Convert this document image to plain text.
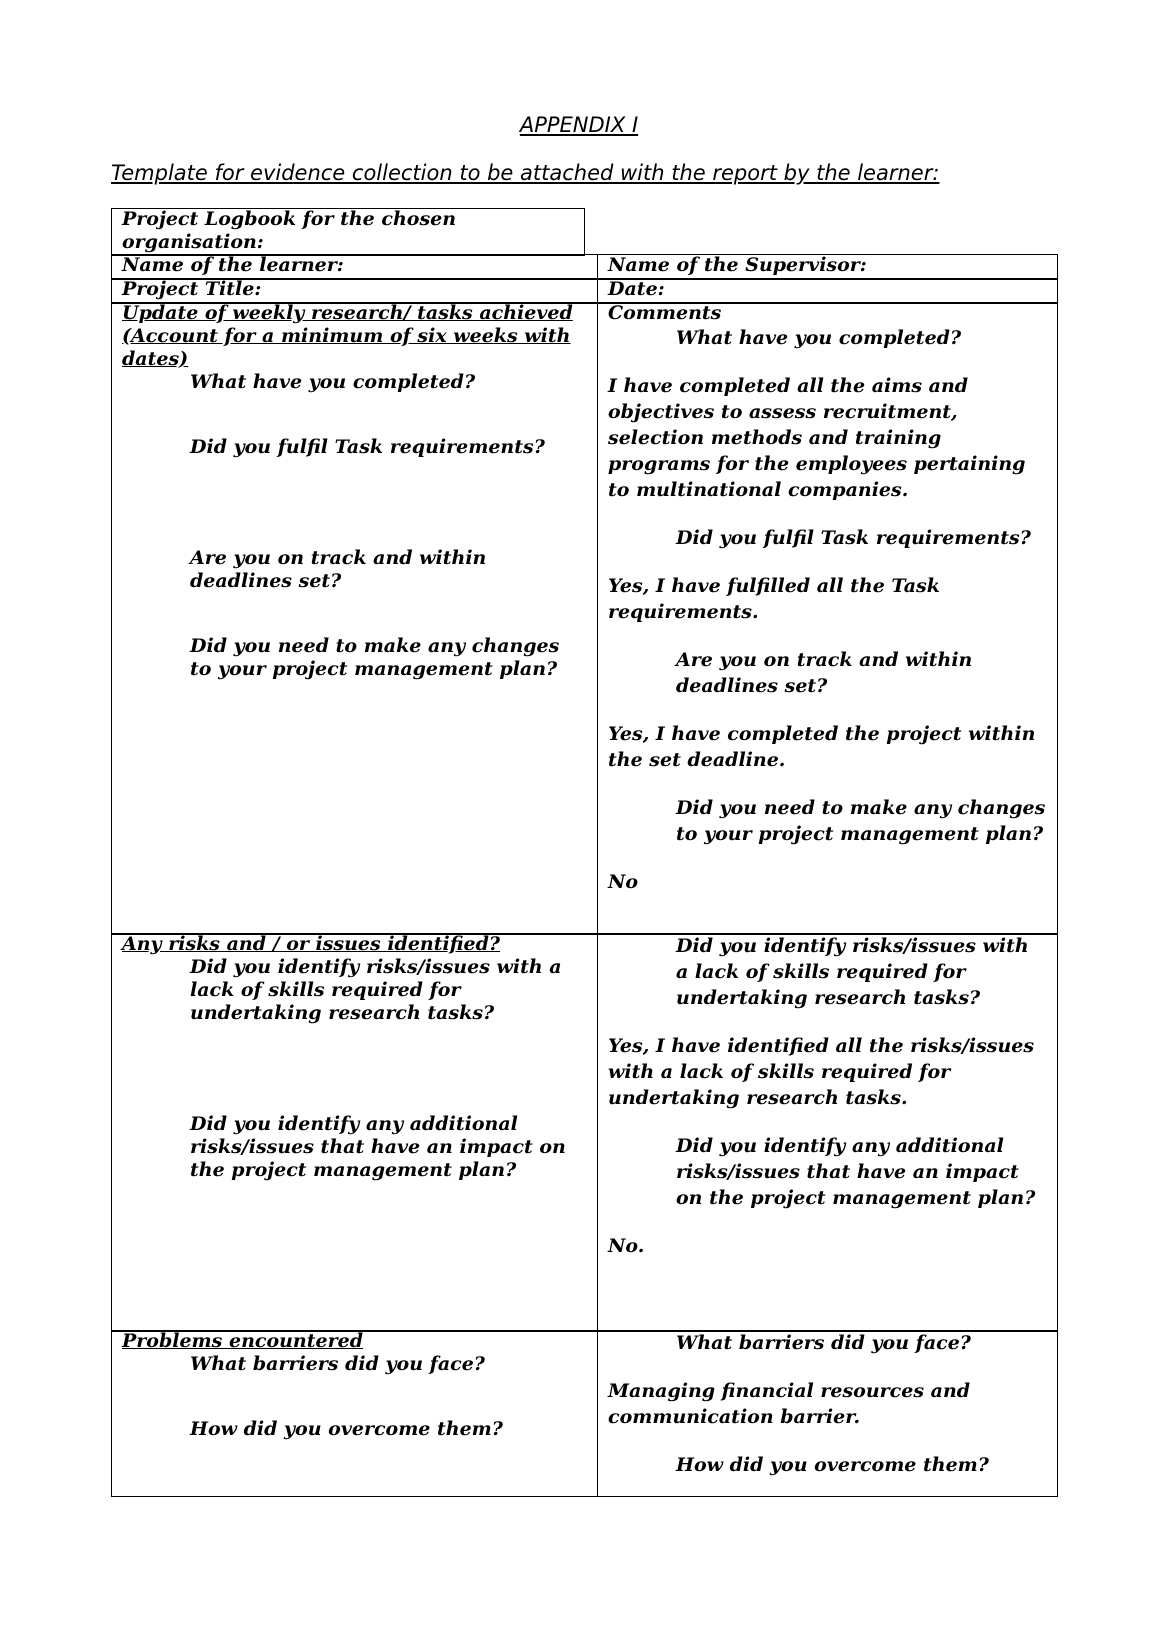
APPENDIX I
Template for evidence collection to be attached with the report by the learner:
Project Logbook for the chosen organisation:
Name of the learner:	Name of the Supervisor:
Project Title:	Date:
Update of weekly research/ tasks achieved (Account for a minimum of six weeks with dates)
What have you completed?
Did you fulfil Task requirements?
Are you on track and within deadlines set?
Did you need to make any changes to your project management plan?
Comments
What have you completed?
I have completed all the aims and objectives to assess recruitment, selection methods and training programs for the employees pertaining to multinational companies.
Did you fulfil Task requirements?
Yes, I have fulfilled all the Task requirements.
Are you on track and within deadlines set?
Yes, I have completed the project within the set deadline.
Did you need to make any changes to your project management plan?
No
Any risks and / or issues identified?
Did you identify risks/issues with a lack of skills required for undertaking research tasks?
Did you identify any additional risks/issues that have an impact on the project management plan?
Did you identify risks/issues with a lack of skills required for undertaking research tasks?
Yes, I have identified all the risks/issues with a lack of skills required for undertaking research tasks.
Did you identify any additional risks/issues that have an impact on the project management plan?
No.
Problems encountered
What barriers did you face?
How did you overcome them?
What barriers did you face?
Managing financial resources and communication barrier.
How did you overcome them?
